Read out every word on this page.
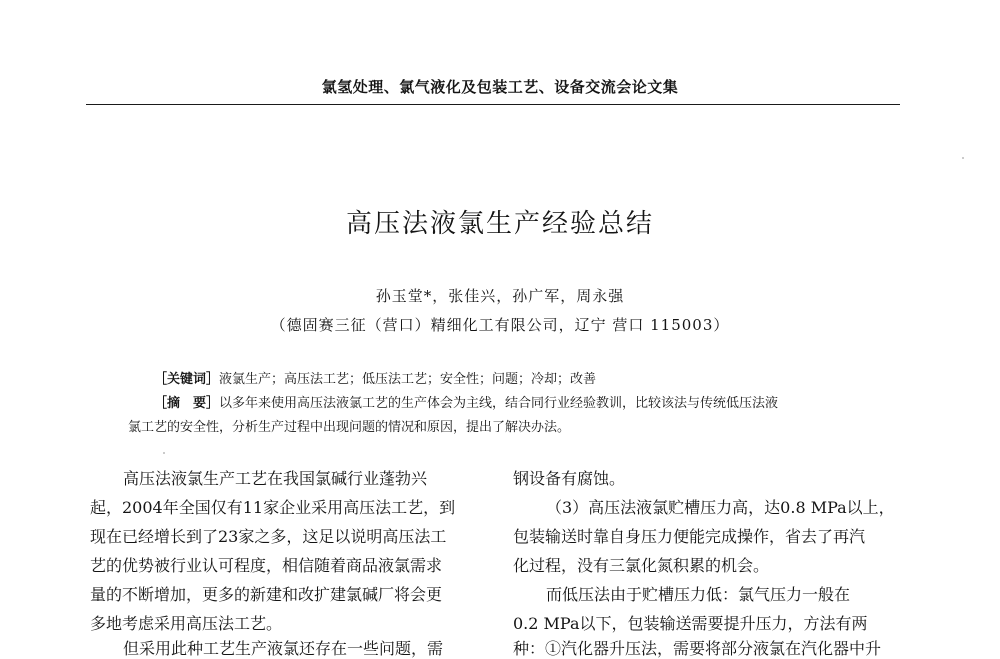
氯氢处理、氯气液化及包装工艺、设备交流会论文集
高压法液氯生产经验总结
孙玉堂*，张佳兴，孙广军，周永强
（德固赛三征（营口）精细化工有限公司，辽宁 营口 115003）
［关键词］液氯生产；高压法工艺；低压法工艺；安全性；问题；冷却；改善
［摘　要］以多年来使用高压法液氯工艺的生产体会为主线，结合同行业经验教训，比较该法与传统低压法液
氯工艺的安全性，分析生产过程中出现问题的情况和原因，提出了解决办法。
高压法液氯生产工艺在我国氯碱行业蓬勃兴
起，2004年全国仅有11家企业采用高压法工艺，到
现在已经增长到了23家之多，这足以说明高压法工
艺的优势被行业认可程度，相信随着商品液氯需求
量的不断增加，更多的新建和改扩建氯碱厂将会更
多地考虑采用高压法工艺。
但采用此种工艺生产液氯还存在一些问题，需
钢设备有腐蚀。
（3）高压法液氯贮槽压力高，达0.8 MPa以上，
包装输送时靠自身压力便能完成操作，省去了再汽
化过程，没有三氯化氮积累的机会。
而低压法由于贮槽压力低：氯气压力一般在
0.2 MPa以下，包装输送需要提升压力，方法有两
种：①汽化器升压法，需要将部分液氯在汽化器中升
